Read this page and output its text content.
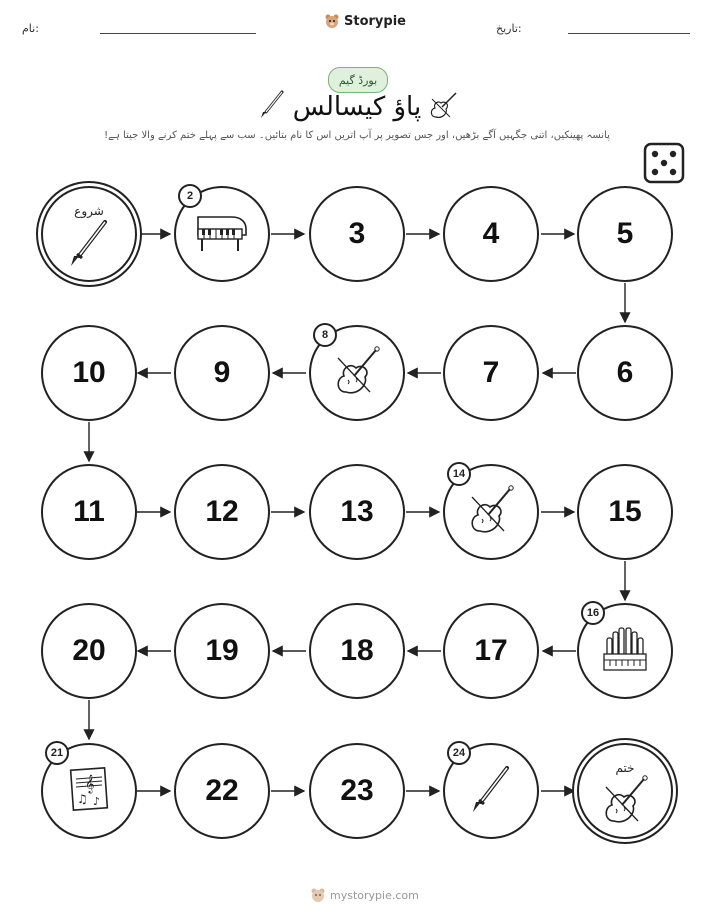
نام:	Storypie	تاریخ:
بورڈ گیم
پاؤ کیسالس
پانسہ پھینکیں، اتنی جگہیں آگے بڑھیں، اور جس تصویر پر آپ اتریں اس کا نام بتائیں۔ سب سے پہلے ختم کرنے والا جیتا ہے!
شروع
2
3	4	5
6
7
8
9
10
11	12	13
14
15
16
17
18
19
20
𝄞
♫ ♪
21
22	23
24
ختم
mystorypie.com
